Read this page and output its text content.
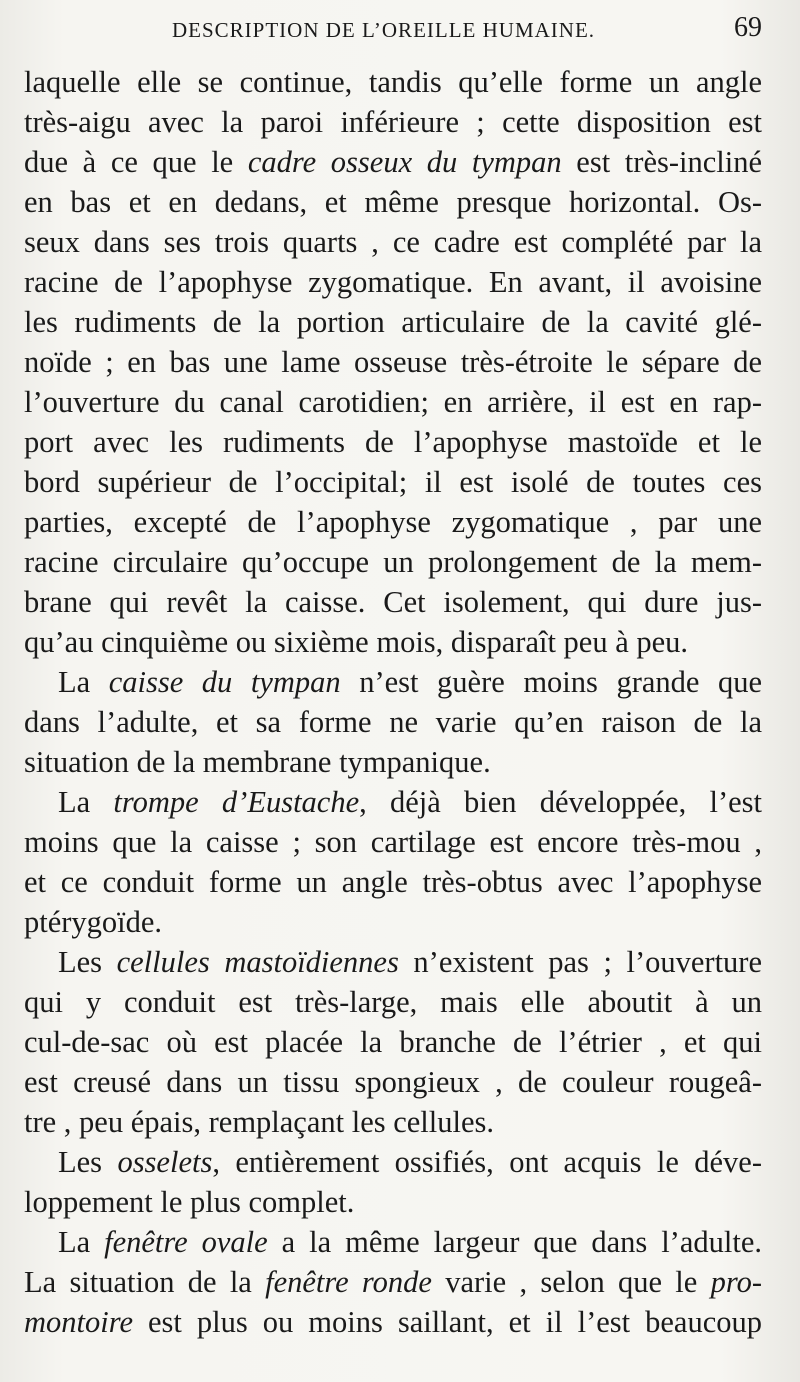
DESCRIPTION DE L’OREILLE HUMAINE.	69
laquelle elle se continue, tandis qu’elle forme un angle
très-aigu avec la paroi inférieure ; cette disposition est
due à ce que le cadre osseux du tympan est très-incliné
en bas et en dedans, et même presque horizontal. Os-
seux dans ses trois quarts , ce cadre est complété par la
racine de l’apophyse zygomatique. En avant, il avoisine
les rudiments de la portion articulaire de la cavité glé-
noïde ; en bas une lame osseuse très-étroite le sépare de
l’ouverture du canal carotidien; en arrière, il est en rap-
port avec les rudiments de l’apophyse mastoïde et le
bord supérieur de l’occipital; il est isolé de toutes ces
parties, excepté de l’apophyse zygomatique , par une
racine circulaire qu’occupe un prolongement de la mem-
brane qui revêt la caisse. Cet isolement, qui dure jus-
qu’au cinquième ou sixième mois, disparaît peu à peu.
La caisse du tympan n’est guère moins grande que
dans l’adulte, et sa forme ne varie qu’en raison de la
situation de la membrane tympanique.
La trompe d’Eustache, déjà bien développée, l’est
moins que la caisse ; son cartilage est encore très-mou ,
et ce conduit forme un angle très-obtus avec l’apophyse
ptérygoïde.
Les cellules mastoïdiennes n’existent pas ; l’ouverture
qui y conduit est très-large, mais elle aboutit à un
cul-de-sac où est placée la branche de l’étrier , et qui
est creusé dans un tissu spongieux , de couleur rougeâ-
tre , peu épais, remplaçant les cellules.
Les osselets, entièrement ossifiés, ont acquis le déve-
loppement le plus complet.
La fenêtre ovale a la même largeur que dans l’adulte.
La situation de la fenêtre ronde varie , selon que le pro-
montoire est plus ou moins saillant, et il l’est beaucoup
